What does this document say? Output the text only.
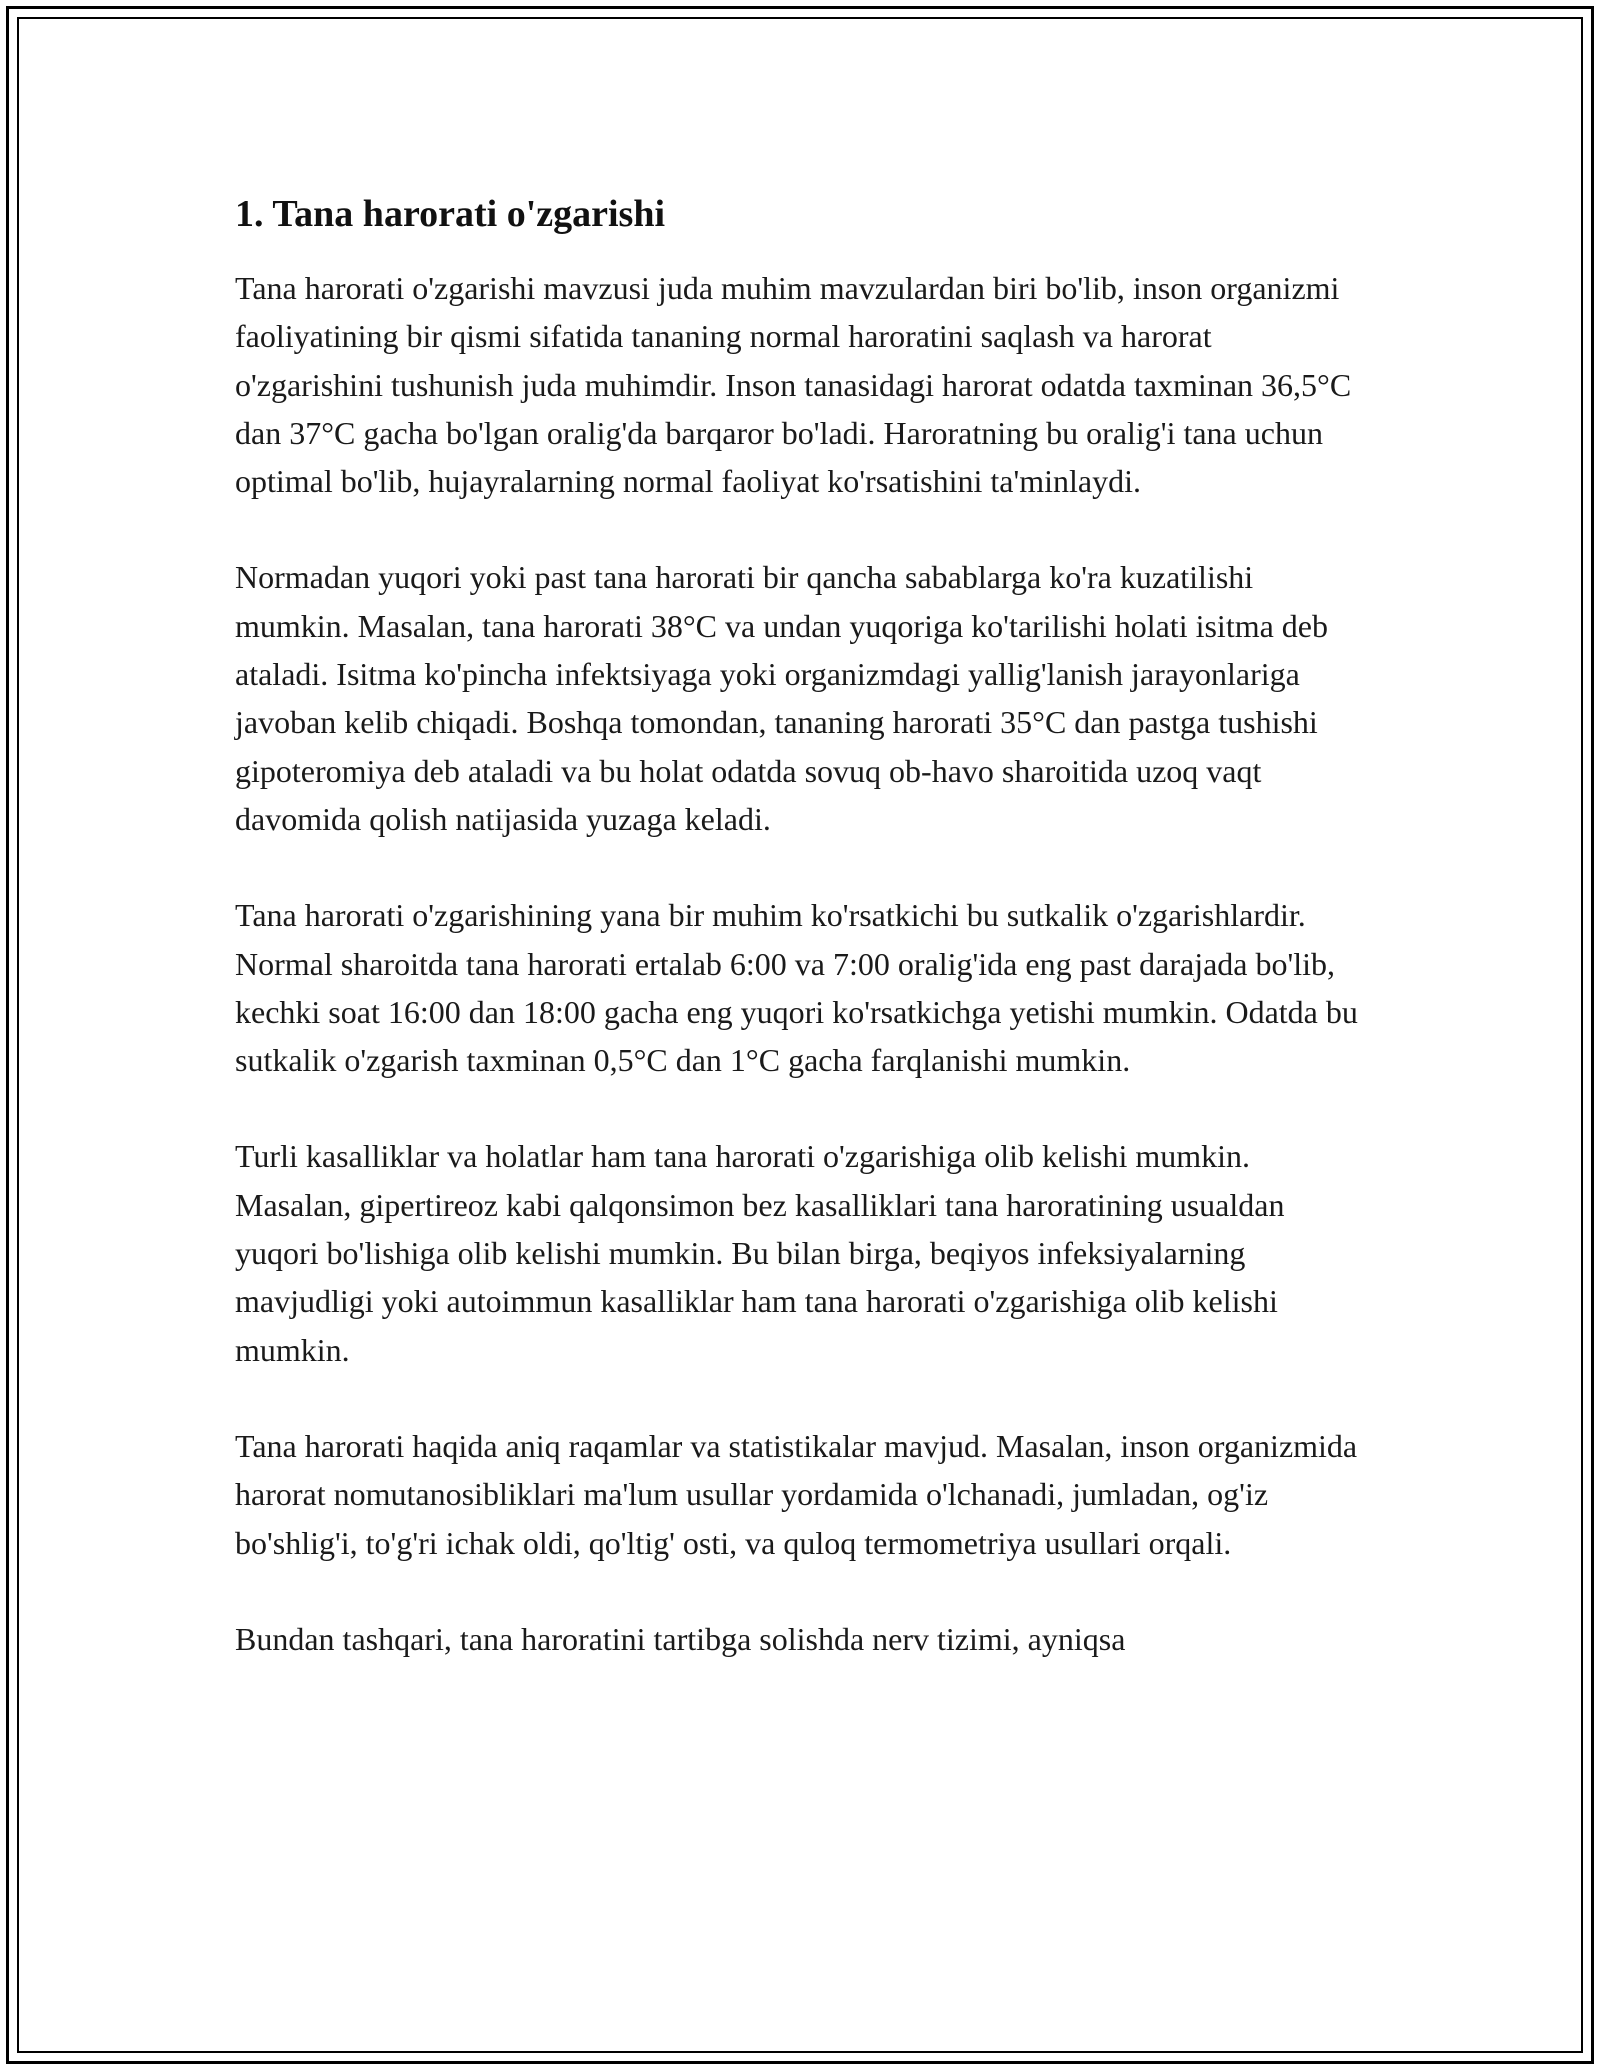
1. Tana harorati o'zgarishi

Tana harorati o'zgarishi mavzusi juda muhim mavzulardan biri bo'lib, inson organizmi faoliyatining bir qismi sifatida tananing normal haroratini saqlash va harorat o'zgarishini tushunish juda muhimdir. Inson tanasidagi harorat odatda taxminan 36,5°C dan 37°C gacha bo'lgan oralig'da barqaror bo'ladi. Haroratning bu oralig'i tana uchun optimal bo'lib, hujayralarning normal faoliyat ko'rsatishini ta'minlaydi.

Normadan yuqori yoki past tana harorati bir qancha sabablarga ko'ra kuzatilishi mumkin. Masalan, tana harorati 38°C va undan yuqoriga ko'tarilishi holati isitma deb ataladi. Isitma ko'pincha infektsiyaga yoki organizmdagi yallig'lanish jarayonlariga javoban kelib chiqadi. Boshqa tomondan, tananing harorati 35°C dan pastga tushishi gipoteromiya deb ataladi va bu holat odatda sovuq ob-havo sharoitida uzoq vaqt davomida qolish natijasida yuzaga keladi.

Tana harorati o'zgarishining yana bir muhim ko'rsatkichi bu sutkalik o'zgarishlardir. Normal sharoitda tana harorati ertalab 6:00 va 7:00 oralig'ida eng past darajada bo'lib, kechki soat 16:00 dan 18:00 gacha eng yuqori ko'rsatkichga yetishi mumkin. Odatda bu sutkalik o'zgarish taxminan 0,5°C dan 1°C gacha farqlanishi mumkin.

Turli kasalliklar va holatlar ham tana harorati o'zgarishiga olib kelishi mumkin. Masalan, gipertireoz kabi qalqonsimon bez kasalliklari tana haroratining usualdan yuqori bo'lishiga olib kelishi mumkin. Bu bilan birga, beqiyos infeksiyalarning mavjudligi yoki autoimmun kasalliklar ham tana harorati o'zgarishiga olib kelishi mumkin.

Tana harorati haqida aniq raqamlar va statistikalar mavjud. Masalan, inson organizmida harorat nomutanosibliklari ma'lum usullar yordamida o'lchanadi, jumladan, og'iz bo'shlig'i, to'g'ri ichak oldi, qo'ltig' osti, va quloq termometriya usullari orqali.

Bundan tashqari, tana haroratini tartibga solishda nerv tizimi, ayniqsa
